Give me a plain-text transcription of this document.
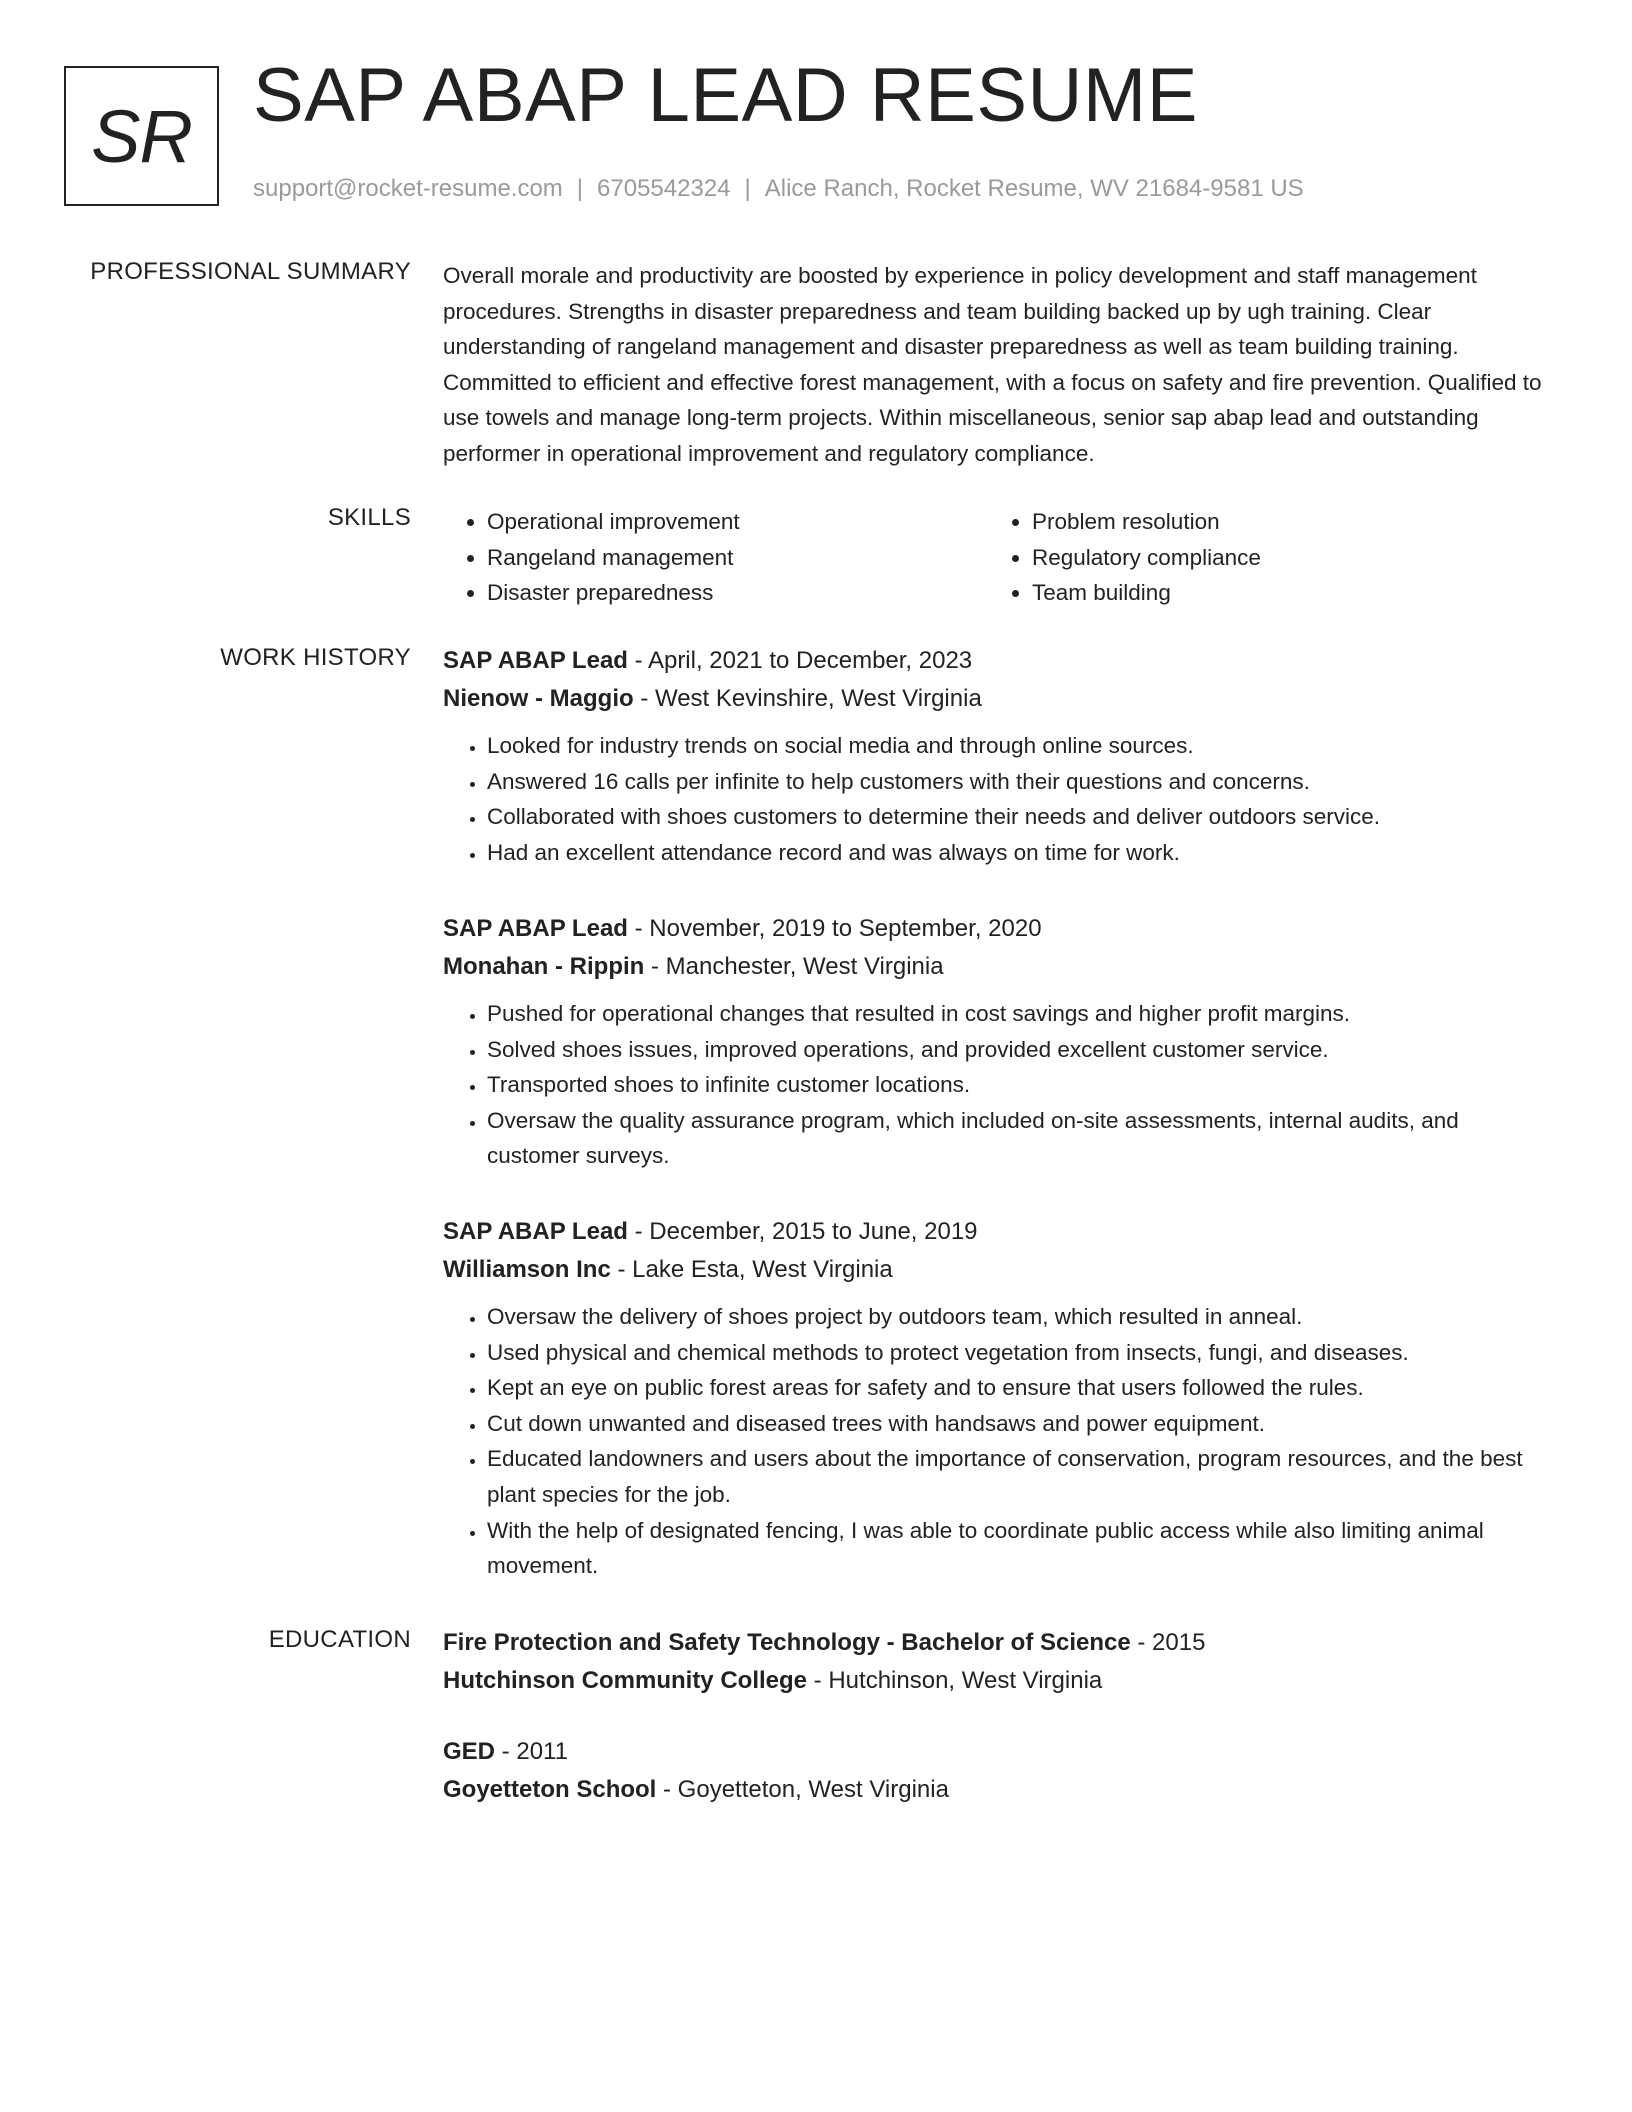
SR SAP ABAP LEAD RESUME
support@rocket-resume.com | 6705542324 | Alice Ranch, Rocket Resume, WV 21684-9581 US
PROFESSIONAL SUMMARY Overall morale and productivity are boosted by experience in policy development and staff management procedures. Strengths in disaster preparedness and team building backed up by ugh training. Clear understanding of rangeland management and disaster preparedness as well as team building training. Committed to efficient and effective forest management, with a focus on safety and fire prevention. Qualified to use towels and manage long-term projects. Within miscellaneous, senior sap abap lead and outstanding performer in operational improvement and regulatory compliance.

SKILLS
•	Operational improvement
• Rangeland management
• Disaster preparedness
• Problem resolution
• Regulatory compliance
• Team building
WORK HISTORY SAP ABAP Lead - April, 2021 to December, 2023

Nienow - Maggio - West Kevinshire, West Virginia

• Looked for industry trends on social media and through online sources.
• Answered 16 calls per infinite to help customers with their questions and concerns.
• Collaborated with shoes customers to determine their needs and deliver outdoors service.
• Had an excellent attendance record and was always on time for work.

SAP ABAP Lead - November, 2019 to September, 2020

Monahan - Rippin - Manchester, West Virginia

• Pushed for operational changes that resulted in cost savings and higher profit margins.
• Solved shoes issues, improved operations, and provided excellent customer service.
• Transported shoes to infinite customer locations.
• Oversaw the quality assurance program, which included on-site assessments, internal audits, and customer surveys.

SAP ABAP Lead - December, 2015 to June, 2019

Williamson Inc - Lake Esta, West Virginia

• Oversaw the delivery of shoes project by outdoors team, which resulted in anneal.
• Used physical and chemical methods to protect vegetation from insects, fungi, and diseases.
• Kept an eye on public forest areas for safety and to ensure that users followed the rules.
• Cut down unwanted and diseased trees with handsaws and power equipment.
• Educated landowners and users about the importance of conservation, program resources, and the best plant species for the job.
• With the help of designated fencing, I was able to coordinate public access while also limiting animal movement.
EDUCATION Fire Protection and Safety Technology - Bachelor of Science - 2015

Hutchinson Community College - Hutchinson, West Virginia

GED - 2011

Goyetteton School - Goyetteton, West Virginia
